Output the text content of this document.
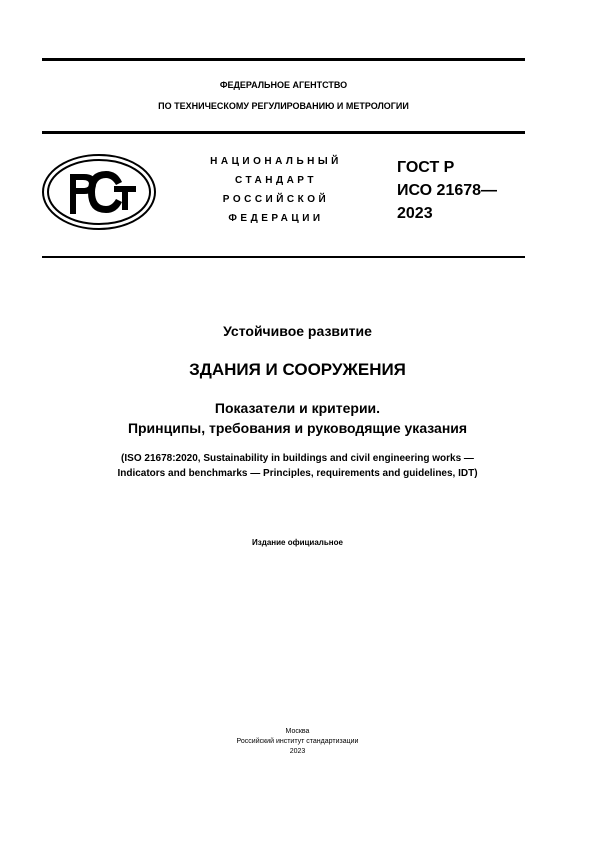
ФЕДЕРАЛЬНОЕ АГЕНТСТВО
ПО ТЕХНИЧЕСКОМУ РЕГУЛИРОВАНИЮ И МЕТРОЛОГИИ
НАЦИОНАЛЬНЫЙ
СТАНДАРТ
РОССИЙСКОЙ
ФЕДЕРАЦИИ
ГОСТ Р
ИСО 21678—
2023
Устойчивое развитие
ЗДАНИЯ И СООРУЖЕНИЯ
Показатели и критерии.
Принципы, требования и руководящие указания
(ISO 21678:2020, Sustainability in buildings and civil engineering works —
Indicators and benchmarks — Principles, requirements and guidelines, IDT)
Издание официальное
Москва
Российский институт стандартизации
2023
